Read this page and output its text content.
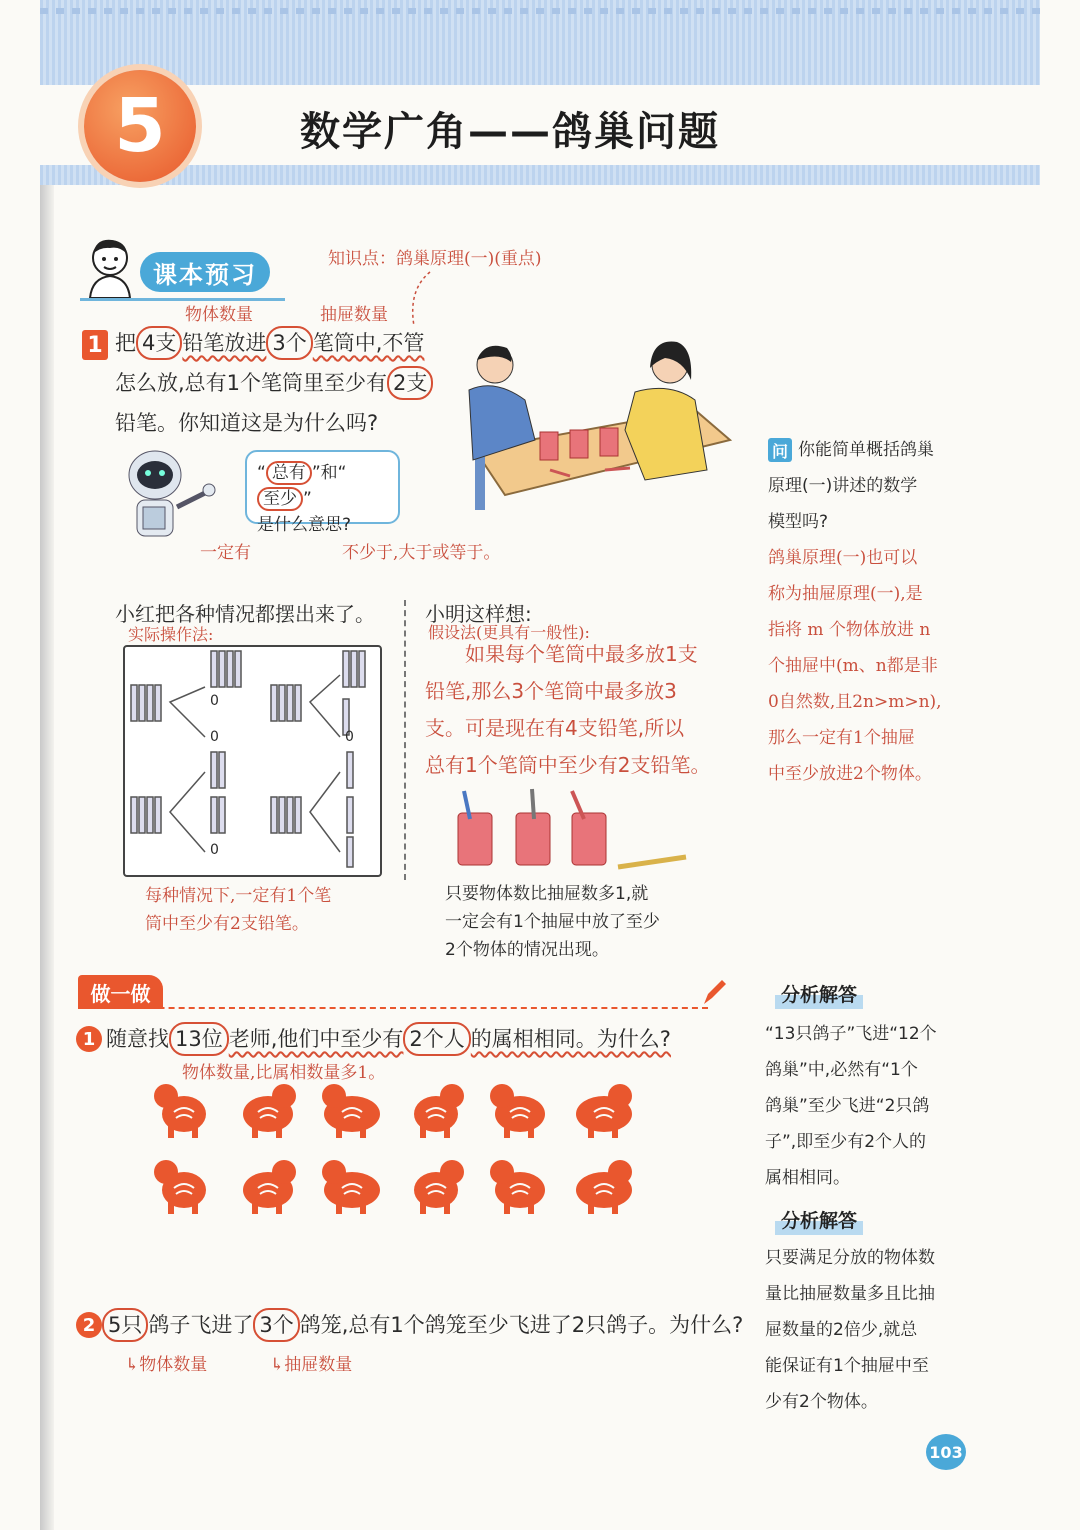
5	数学广角——鸽巢问题
课本预习
知识点：鸽巢原理(一)(重点)
物体数量	抽屉数量
1 把 4支 铅笔放进 3个 笔筒中,不管
怎么放,总有1个笔筒里至少有 2支
铅笔。你知道这是为什么吗?
“ 总有 ”和“至少 ”
是什么意思?
一定有	不少于,大于或等于。
小红把各种情况都摆出来了。
实际操作法:
0
0	0
0
每种情况下,一定有1个笔
筒中至少有2支铅笔。
小明这样想:
假设法(更具有一般性):
如果每个笔筒中最多放1支
铅笔,那么3个笔筒中最多放3
支。可是现在有4支铅笔,所以
总有1个笔筒中至少有2支铅笔。
只要物体数比抽屉数多1,就
一定会有1个抽屉中放了至少
2个物体的情况出现。
问 你能简单概括鸽巢
原理(一)讲述的数学
模型吗?
鸽巢原理(一)也可以
称为抽屉原理(一),是
指将 m 个物体放进 n
个抽屉中(m、n都是非
0自然数,且2n>m>n),
那么一定有1个抽屉
中至少放进2个物体。
分析解答
“13只鸽子”飞进“12个
鸽巢”中,必然有“1个
鸽巢”至少飞进“2只鸽
子”,即至少有2个人的
属相相同。
分析解答
只要满足分放的物体数
量比抽屉数量多且比抽
屉数量的2倍少,就总
能保证有1个抽屉中至
少有2个物体。
做一做
1 随意找 13位 老师,他们中至少有 2个人 的属相相同。为什么?
物体数量,比属相数量多1。
2 5只 鸽子飞进了 3个 鸽笼,总有1个鸽笼至少飞进了2只鸽子。为什么?
↳物体数量	↳抽屉数量
103
